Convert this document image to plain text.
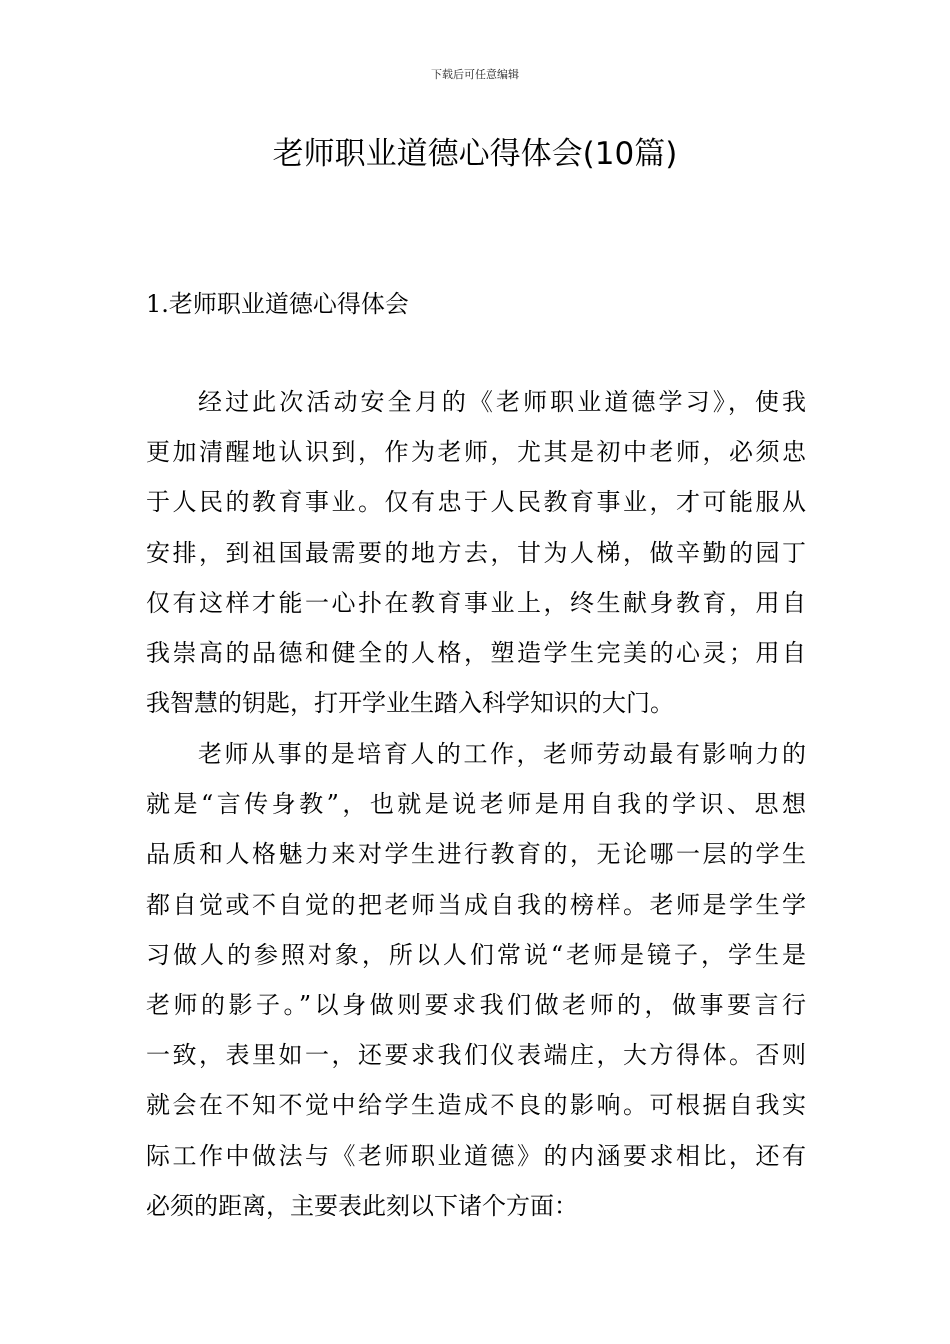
下载后可任意编辑
老师职业道德心得体会(10篇)
1.老师职业道德心得体会
经过此次活动安全月的《老师职业道德学习》，使我
更加清醒地认识到，作为老师，尤其是初中老师，必须忠
于人民的教育事业。仅有忠于人民教育事业，才可能服从
安排，到祖国最需要的地方去，甘为人梯，做辛勤的园丁
仅有这样才能一心扑在教育事业上，终生献身教育，用自
我崇高的品德和健全的人格，塑造学生完美的心灵；用自
我智慧的钥匙，打开学业生踏入科学知识的大门。
老师从事的是培育人的工作，老师劳动最有影响力的
就是“言传身教”，也就是说老师是用自我的学识、思想
品质和人格魅力来对学生进行教育的，无论哪一层的学生
都自觉或不自觉的把老师当成自我的榜样。老师是学生学
习做人的参照对象，所以人们常说“老师是镜子，学生是
老师的影子。”以身做则要求我们做老师的，做事要言行
一致，表里如一，还要求我们仪表端庄，大方得体。否则
就会在不知不觉中给学生造成不良的影响。可根据自我实
际工作中做法与《老师职业道德》的内涵要求相比，还有
必须的距离，主要表此刻以下诸个方面：
